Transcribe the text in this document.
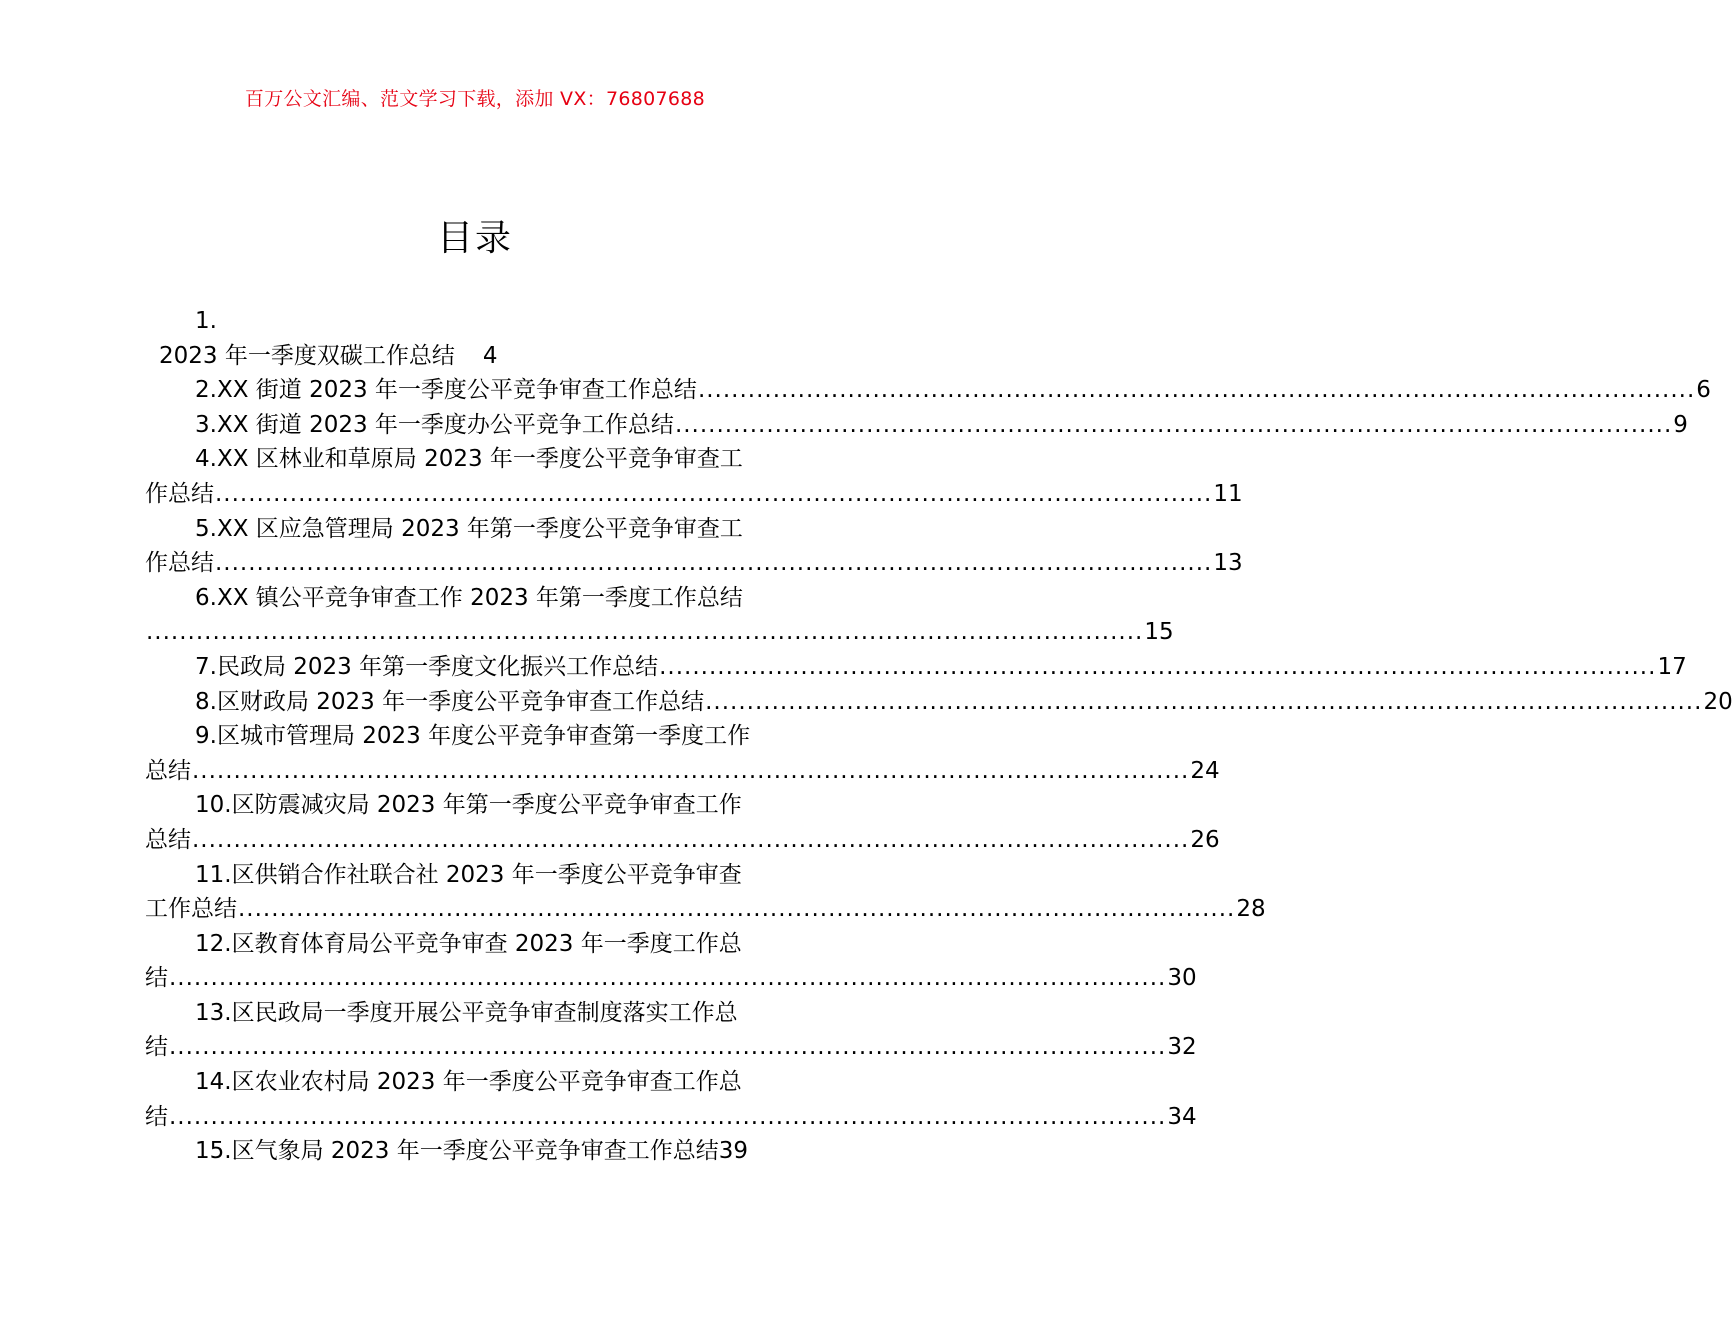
百万公文汇编、范文学习下载，添加 VX：76807688
目录
1.
2023 年一季度双碳工作总结 4
2. XX 街道 2023 年一季度公平竞争审查工作总结 ........................................................................................................................ 6
3. XX 街道 2023 年一季度办公平竞争工作总结 ........................................................................................................................ 9
4. XX 区林业和草原局 2023 年一季度公平竞争审查工
作总结 ........................................................................................................................ 11
5. XX 区应急管理局 2023 年第一季度公平竞争审查工
作总结 ........................................................................................................................ 13
6. XX 镇公平竞争审查工作 2023 年第一季度工作总结
........................................................................................................................ 15
7. 民政局 2023 年第一季度文化振兴工作总结 ........................................................................................................................ 17
8. 区财政局 2023 年一季度公平竞争审查工作总结 ........................................................................................................................ 20
9. 区城市管理局 2023 年度公平竞争审查第一季度工作
总结 ........................................................................................................................ 24
10. 区防震减灾局 2023 年第一季度公平竞争审查工作
总结 ........................................................................................................................ 26
11. 区供销合作社联合社 2023 年一季度公平竞争审查
工作总结 ........................................................................................................................ 28
12. 区教育体育局公平竞争审查 2023 年一季度工作总
结 ........................................................................................................................ 30
13. 区民政局一季度开展公平竞争审查制度落实工作总
结 ........................................................................................................................ 32
14. 区农业农村局 2023 年一季度公平竞争审查工作总
结 ........................................................................................................................ 34
15. 区气象局 2023 年一季度公平竞争审查工作总结 39
